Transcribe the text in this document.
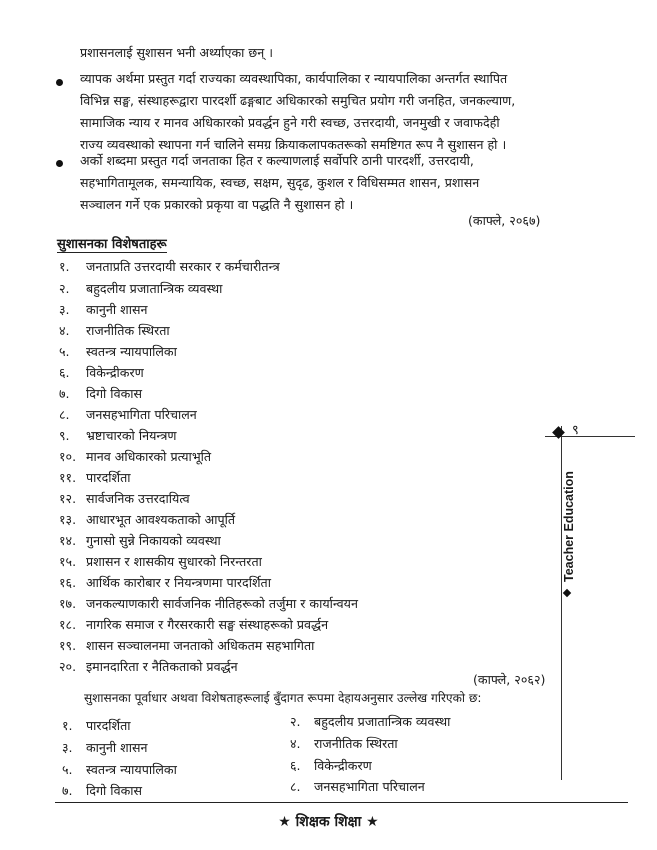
प्रशासनलाई सुशासन भनी अर्थ्याएका छन् ।
व्यापक अर्थमा प्रस्तुत गर्दा राज्यका व्यवस्थापिका, कार्यपालिका र न्यायपालिका अन्तर्गत स्थापित
विभिन्न सङ्घ, संस्थाहरूद्वारा पारदर्शी ढङ्गबाट अधिकारको समुचित प्रयोग गरी जनहित, जनकल्याण,
सामाजिक न्याय र मानव अधिकारको प्रवर्द्धन हुने गरी स्वच्छ, उत्तरदायी, जनमुखी र जवाफदेही
राज्य व्यवस्थाको स्थापना गर्न चालिने समग्र क्रियाकलापकतरूको समष्टिगत रूप नै सुशासन हो ।
अर्को शब्दमा प्रस्तुत गर्दा जनताका हित र कल्याणलाई सर्वोपरि ठानी पारदर्शी, उत्तरदायी,
सहभागितामूलक, समन्यायिक, स्वच्छ, सक्षम, सुदृढ, कुशल र विधिसम्मत शासन, प्रशासन
सञ्चालन गर्ने एक प्रकारको प्रकृया वा पद्धति नै सुशासन हो ।
(काफ्ले, २०६७)
सुशासनका विशेषताहरू
१. जनताप्रति उत्तरदायी सरकार र कर्मचारीतन्त्र
२. बहुदलीय प्रजातान्त्रिक व्यवस्था
३. कानुनी शासन
४. राजनीतिक स्थिरता
५. स्वतन्त्र न्यायपालिका
६. विकेन्द्रीकरण
७. दिगो विकास
८. जनसहभागिता परिचालन
९. भ्रष्टाचारको नियन्त्रण
१०. मानव अधिकारको प्रत्याभूति
११. पारदर्शिता
१२. सार्वजनिक उत्तरदायित्व
१३. आधारभूत आवश्यकताको आपूर्ति
१४. गुनासो सुन्ने निकायको व्यवस्था
१५. प्रशासन र शासकीय सुधारको निरन्तरता
१६. आर्थिक कारोबार र नियन्त्रणमा पारदर्शिता
१७. जनकल्याणकारी सार्वजनिक नीतिहरूको तर्जुमा र कार्यान्वयन
१८. नागरिक समाज र गैरसरकारी सङ्घ संस्थाहरूको प्रवर्द्धन
१९. शासन सञ्चालनमा जनताको अधिकतम सहभागिता
२०. इमानदारिता र नैतिकताको प्रवर्द्धन
(काफ्ले, २०६२)
सुशासनका पूर्वाधार अथवा विशेषताहरूलाई बुँदागत रूपमा देहायअनुसार उल्लेख गरिएको छ:
१. पारदर्शिता	२. बहुदलीय प्रजातान्त्रिक व्यवस्था
३. कानुनी शासन	४. राजनीतिक स्थिरता
५. स्वतन्त्र न्यायपालिका	६. विकेन्द्रीकरण
७. दिगो विकास	८. जनसहभागिता परिचालन
९
Teacher Education
★ शिक्षक शिक्षा ★
